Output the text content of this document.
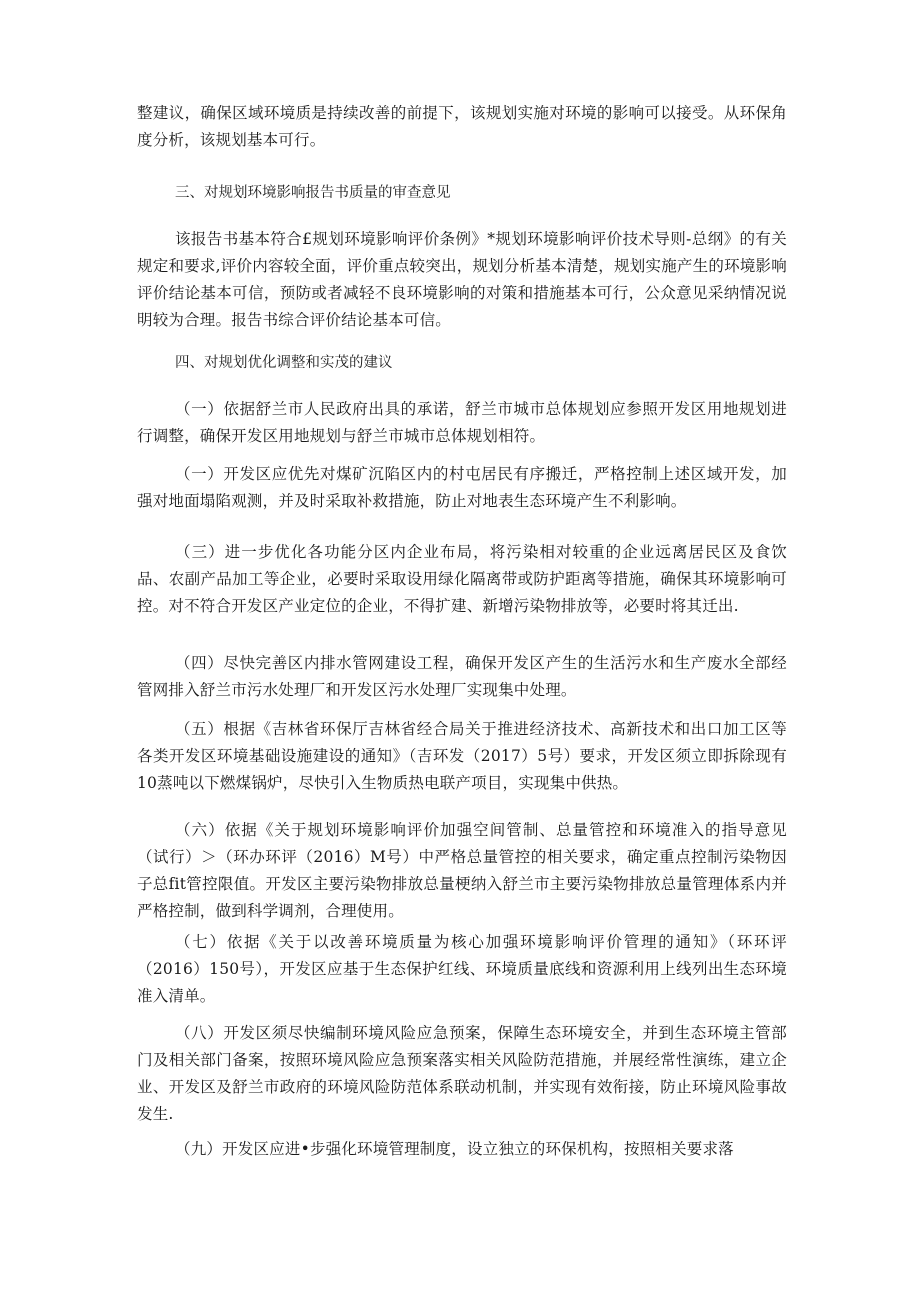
整建议，确保区域环境质是持续改善的前提下，该规划实施对环境的影响可以接受。从环保角度分析，该规划基本可行。

三、对规划环境影响报告书质量的审查意见

该报告书基本符合£规划环境影响评价条例》*规划环境影响评价技术导则-总纲》的有关规定和要求,评价内容较全面，评价重点较突出，规划分析基本清楚，规划实施产生的环境影响评价结论基本可信，预防或者减轻不良环境影响的对策和措施基本可行，公众意见采纳情况说明较为合理。报告书综合评价结论基本可信。

四、对规划优化调整和实茂的建议

（一）依据舒兰市人民政府出具的承诺，舒兰市城市总体规划应参照开发区用地规划进行调整，确保开发区用地规划与舒兰市城市总体规划相符。

（一）开发区应优先对煤矿沉陷区内的村屯居民有序搬迁，严格控制上述区域开发，加强对地面塌陷观测，并及时采取补救措施，防止对地表生态环境产生不利影响。

（三）进一步优化各功能分区内企业布局，将污染相对较重的企业远离居民区及食饮品、农副产品加工等企业，必要时采取设用绿化隔离带或防护距离等措施，确保其环境影响可控。对不符合开发区产业定位的企业，不得扩建、新增污染物排放等，必要时将其迁出.

（四）尽快完善区内排水管网建设工程，确保开发区产生的生活污水和生产废水全部经管网排入舒兰市污水处理厂和开发区污水处理厂实现集中处理。

（五）根据《吉林省环保厅吉林省经合局关于推进经济技术、高新技术和出口加工区等各类开发区环境基础设施建设的通知》（吉环发（2017）5号）要求，开发区须立即拆除现有10蒸吨以下燃煤锅炉，尽快引入生物质热电联产项目，实现集中供热。

（六）依据《关于规划环境影响评价加强空间管制、总量管控和环境准入的指导意见（试行）＞（环办环评（2016）M号）中严格总量管控的相关要求，确定重点控制污染物因子总fit管控限值。开发区主要污染物排放总量梗纳入舒兰市主要污染物排放总量管理体系内并严格控制，做到科学调剂，合理使用。

（七）依据《关于以改善环境质量为核心加强环境影响评价管理的通知》（环环评（2016）150号），开发区应基于生态保护红线、环境质量底线和资源利用上线列出生态环境准入清单。

（八）开发区须尽快编制环境风险应急预案，保障生态环境安全，并到生态环境主管部门及相关部门备案，按照环境风险应急预案落实相关风险防范措施，并展经常性演练，建立企业、开发区及舒兰市政府的环境风险防范体系联动机制，并实现有效衔接，防止环境风险事故发生.

（九）开发区应进•步强化环境管理制度，设立独立的环保机构，按照相关要求落
